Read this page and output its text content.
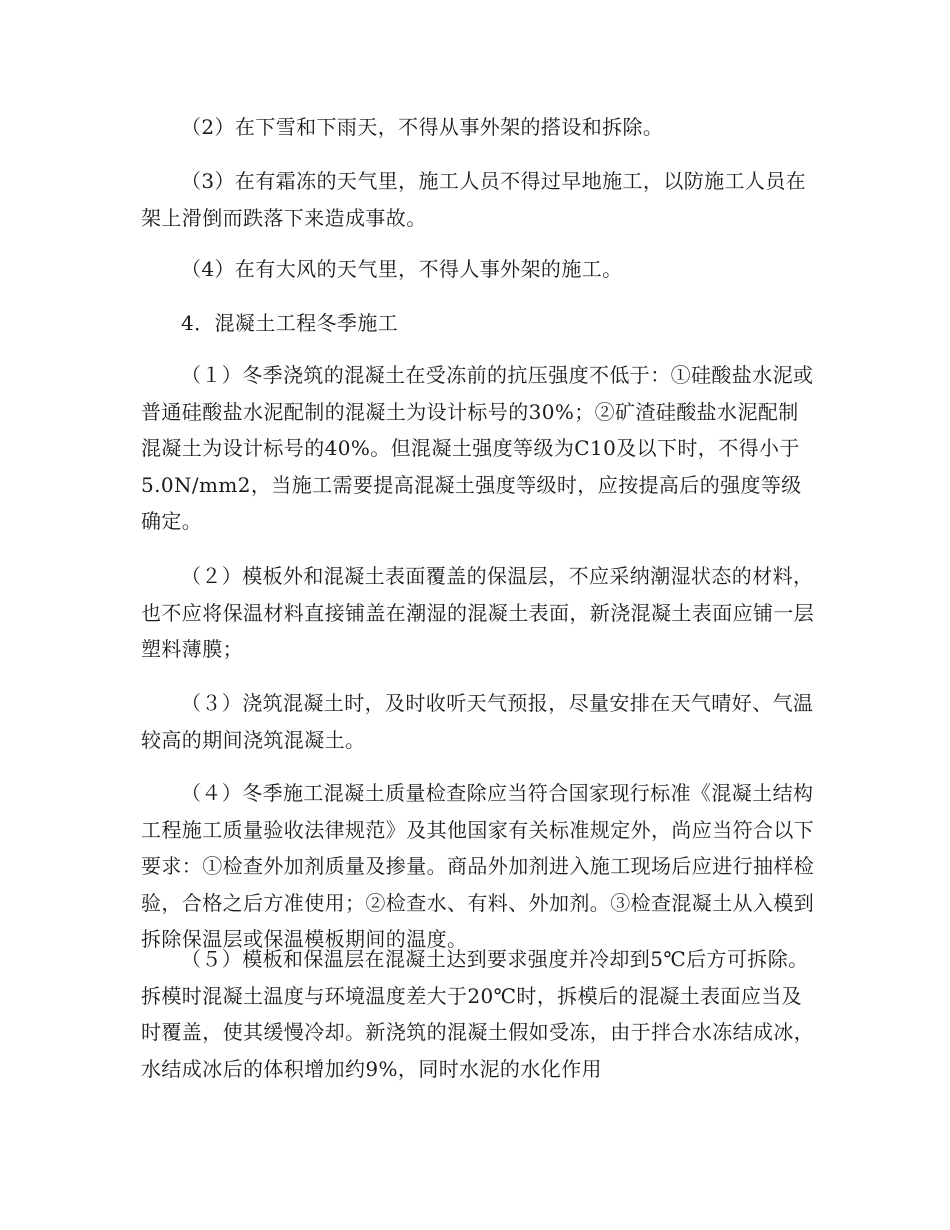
（2）在下雪和下雨天，不得从事外架的搭设和拆除。

（3）在有霜冻的天气里，施工人员不得过早地施工，以防施工人员在架上滑倒而跌落下来造成事故。

（4）在有大风的天气里，不得人事外架的施工。

4．混凝土工程冬季施工

（１）冬季浇筑的混凝土在受冻前的抗压强度不低于：①硅酸盐水泥或普通硅酸盐水泥配制的混凝土为设计标号的30%；②矿渣硅酸盐水泥配制混凝土为设计标号的40%。但混凝土强度等级为C10及以下时，不得小于5.0N/mm2，当施工需要提高混凝土强度等级时，应按提高后的强度等级确定。

（２）模板外和混凝土表面覆盖的保温层，不应采纳潮湿状态的材料，也不应将保温材料直接铺盖在潮湿的混凝土表面，新浇混凝土表面应铺一层塑料薄膜；

（３）浇筑混凝土时，及时收听天气预报，尽量安排在天气晴好、气温较高的期间浇筑混凝土。

（４）冬季施工混凝土质量检查除应当符合国家现行标准《混凝土结构工程施工质量验收法律规范》及其他国家有关标准规定外，尚应当符合以下要求：①检查外加剂质量及掺量。商品外加剂进入施工现场后应进行抽样检验，合格之后方准使用；②检查水、有料、外加剂。③检查混凝土从入模到拆除保温层或保温模板期间的温度。

（５）模板和保温层在混凝土达到要求强度并冷却到5℃后方可拆除。拆模时混凝土温度与环境温度差大于20℃时，拆模后的混凝土表面应当及时覆盖，使其缓慢冷却。新浇筑的混凝土假如受冻，由于拌合水冻结成冰，水结成冰后的体积增加约9%，同时水泥的水化作用
